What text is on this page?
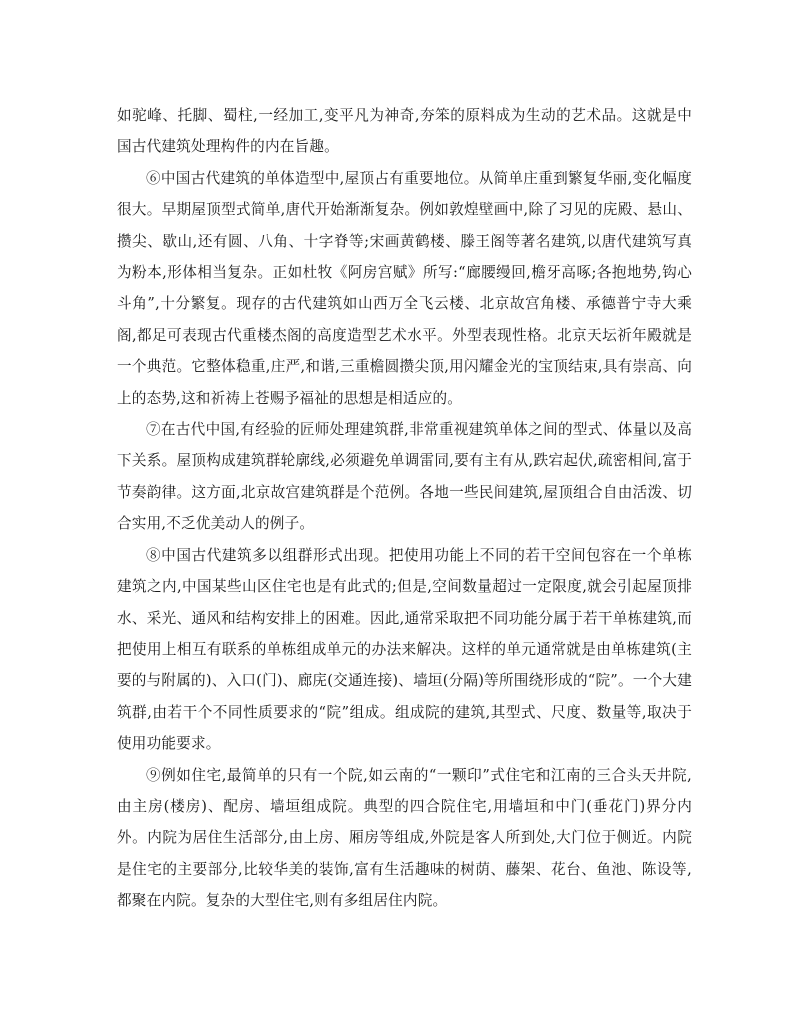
如驼峰、托脚、蜀柱,一经加工,变平凡为神奇,夯笨的原料成为生动的艺术品。这就是中国古代建筑处理构件的内在旨趣。

⑥中国古代建筑的单体造型中,屋顶占有重要地位。从简单庄重到繁复华丽,变化幅度很大。早期屋顶型式简单,唐代开始渐渐复杂。例如敦煌壁画中,除了习见的庑殿、悬山、攒尖、歇山,还有圆、八角、十字脊等;宋画黄鹤楼、滕王阁等著名建筑,以唐代建筑写真为粉本,形体相当复杂。正如杜牧《阿房宫赋》所写:“廊腰缦回,檐牙高啄;各抱地势,钩心斗角”,十分繁复。现存的古代建筑如山西万全飞云楼、北京故宫角楼、承德普宁寺大乘阁,都足可表现古代重楼杰阁的高度造型艺术水平。外型表现性格。北京天坛祈年殿就是一个典范。它整体稳重,庄严,和谐,三重檐圆攒尖顶,用闪耀金光的宝顶结束,具有崇高、向上的态势,这和祈祷上苍赐予福祉的思想是相适应的。

⑦在古代中国,有经验的匠师处理建筑群,非常重视建筑单体之间的型式、体量以及高下关系。屋顶构成建筑群轮廓线,必须避免单调雷同,要有主有从,跌宕起伏,疏密相间,富于节奏韵律。这方面,北京故宫建筑群是个范例。各地一些民间建筑,屋顶组合自由活泼、切合实用,不乏优美动人的例子。

⑧中国古代建筑多以组群形式出现。把使用功能上不同的若干空间包容在一个单栋建筑之内,中国某些山区住宅也是有此式的;但是,空间数量超过一定限度,就会引起屋顶排水、采光、通风和结构安排上的困难。因此,通常采取把不同功能分属于若干单栋建筑,而把使用上相互有联系的单栋组成单元的办法来解决。这样的单元通常就是由单栋建筑(主要的与附属的)、入口(门)、廊庑(交通连接)、墙垣(分隔)等所围绕形成的“院”。一个大建筑群,由若干个不同性质要求的“院”组成。组成院的建筑,其型式、尺度、数量等,取决于使用功能要求。

⑨例如住宅,最简单的只有一个院,如云南的“一颗印”式住宅和江南的三合头天井院,由主房(楼房)、配房、墙垣组成院。典型的四合院住宅,用墙垣和中门(垂花门)界分内外。内院为居住生活部分,由上房、厢房等组成,外院是客人所到处,大门位于侧近。内院是住宅的主要部分,比较华美的装饰,富有生活趣味的树荫、藤架、花台、鱼池、陈设等,都聚在内院。复杂的大型住宅,则有多组居住内院。
